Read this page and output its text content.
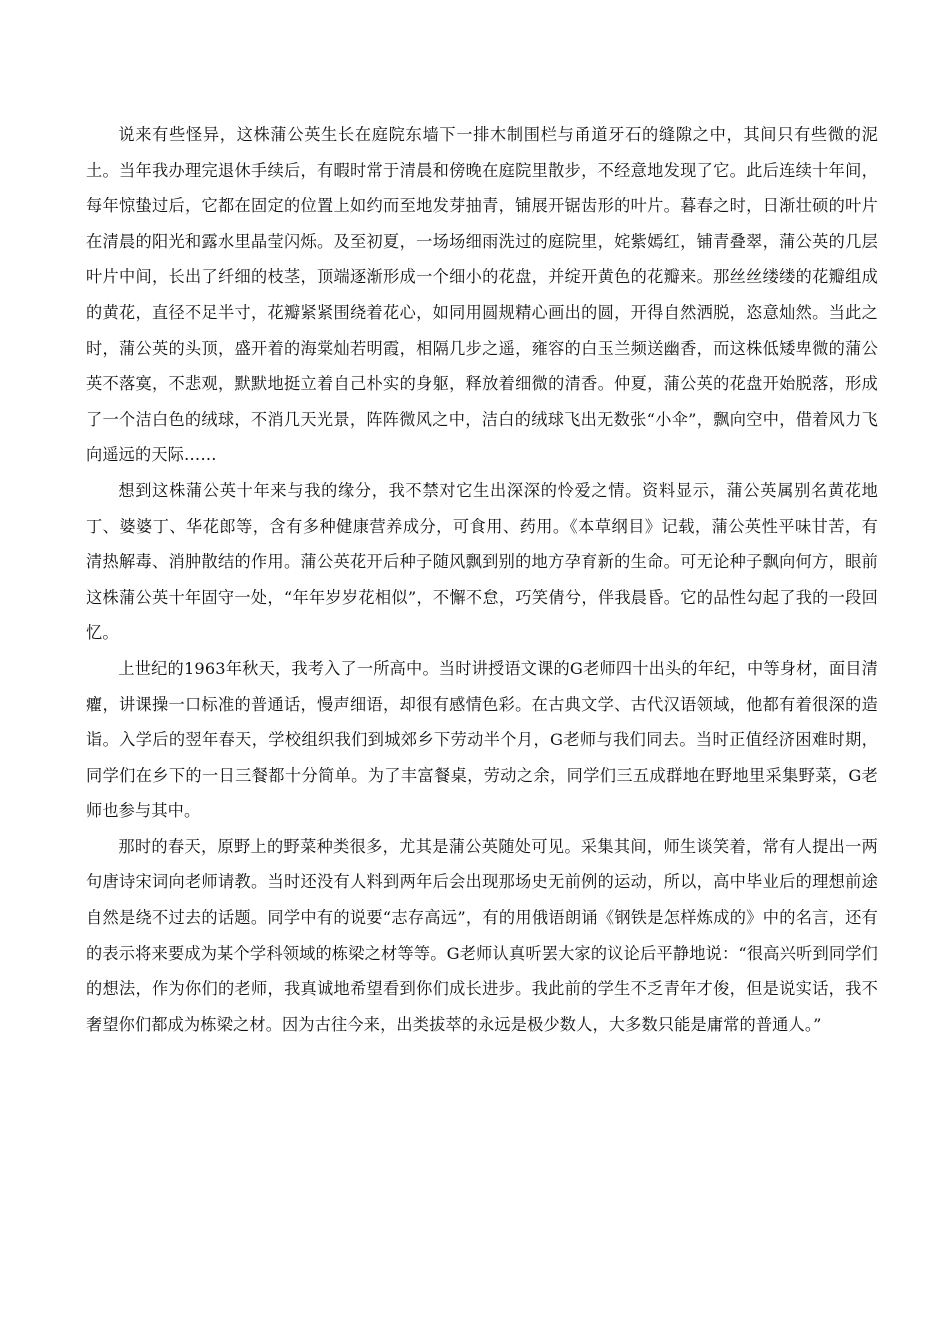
说来有些怪异，这株蒲公英生长在庭院东墙下一排木制围栏与甬道牙石的缝隙之中，其间只有些微的泥土。当年我办理完退休手续后，有暇时常于清晨和傍晚在庭院里散步，不经意地发现了它。此后连续十年间，每年惊蛰过后，它都在固定的位置上如约而至地发芽抽青，铺展开锯齿形的叶片。暮春之时，日渐壮硕的叶片在清晨的阳光和露水里晶莹闪烁。及至初夏，一场场细雨洗过的庭院里，姹紫嫣红，铺青叠翠，蒲公英的几层叶片中间，长出了纤细的枝茎，顶端逐渐形成一个细小的花盘，并绽开黄色的花瓣来。那丝丝缕缕的花瓣组成的黄花，直径不足半寸，花瓣紧紧围绕着花心，如同用圆规精心画出的圆，开得自然洒脱，恣意灿然。当此之时，蒲公英的头顶，盛开着的海棠灿若明霞，相隔几步之遥，雍容的白玉兰频送幽香，而这株低矮卑微的蒲公英不落寞，不悲观，默默地挺立着自己朴实的身躯，释放着细微的清香。仲夏，蒲公英的花盘开始脱落，形成了一个洁白色的绒球，不消几天光景，阵阵微风之中，洁白的绒球飞出无数张“小伞”，飘向空中，借着风力飞向遥远的天际……

想到这株蒲公英十年来与我的缘分，我不禁对它生出深深的怜爱之情。资料显示，蒲公英属别名黄花地丁、婆婆丁、华花郎等，含有多种健康营养成分，可食用、药用。《本草纲目》记载，蒲公英性平味甘苦，有清热解毒、消肿散结的作用。蒲公英花开后种子随风飘到别的地方孕育新的生命。可无论种子飘向何方，眼前这株蒲公英十年固守一处，“年年岁岁花相似”，不懈不怠，巧笑倩兮，伴我晨昏。它的品性勾起了我的一段回忆。

上世纪的1963年秋天，我考入了一所高中。当时讲授语文课的G老师四十出头的年纪，中等身材，面目清癯，讲课操一口标准的普通话，慢声细语，却很有感情色彩。在古典文学、古代汉语领域，他都有着很深的造诣。入学后的翌年春天，学校组织我们到城郊乡下劳动半个月，G老师与我们同去。当时正值经济困难时期，同学们在乡下的一日三餐都十分简单。为了丰富餐桌，劳动之余，同学们三五成群地在野地里采集野菜，G老师也参与其中。

那时的春天，原野上的野菜种类很多，尤其是蒲公英随处可见。采集其间，师生谈笑着，常有人提出一两句唐诗宋词向老师请教。当时还没有人料到两年后会出现那场史无前例的运动，所以，高中毕业后的理想前途自然是绕不过去的话题。同学中有的说要“志存高远”，有的用俄语朗诵《钢铁是怎样炼成的》中的名言，还有的表示将来要成为某个学科领域的栋梁之材等等。G老师认真听罢大家的议论后平静地说：“很高兴听到同学们的想法，作为你们的老师，我真诚地希望看到你们成长进步。我此前的学生不乏青年才俊，但是说实话，我不奢望你们都成为栋梁之材。因为古往今来，出类拔萃的永远是极少数人，大多数只能是庸常的普通人。”
